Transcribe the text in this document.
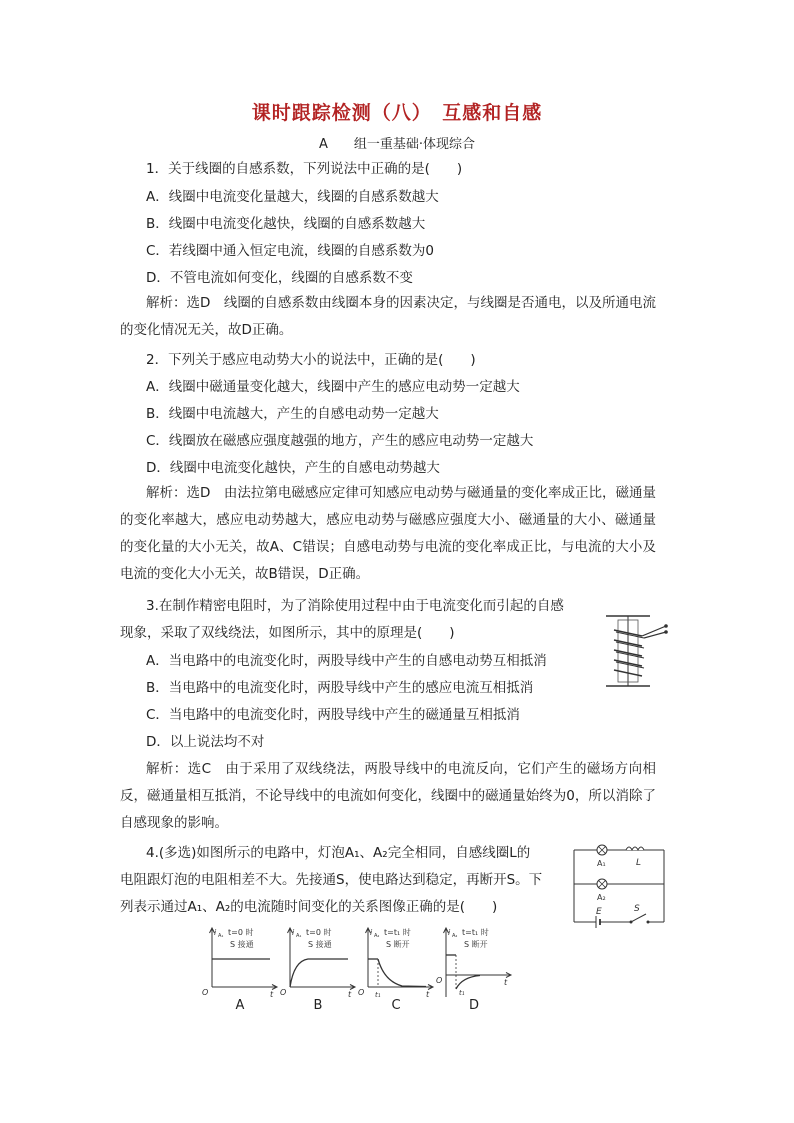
课时跟踪检测（八）　互感和自感
A　　组一重基础·体现综合
1．关于线圈的自感系数，下列说法中正确的是(　　)
A．线圈中电流变化量越大，线圈的自感系数越大
B．线圈中电流变化越快，线圈的自感系数越大
C．若线圈中通入恒定电流，线圈的自感系数为0
D．不管电流如何变化，线圈的自感系数不变
解析：选D　线圈的自感系数由线圈本身的因素决定，与线圈是否通电，以及所通电流的变化情况无关，故D正确。
2．下列关于感应电动势大小的说法中，正确的是(　　)
A．线圈中磁通量变化越大，线圈中产生的感应电动势一定越大
B．线圈中电流越大，产生的自感电动势一定越大
C．线圈放在磁感应强度越强的地方，产生的感应电动势一定越大
D．线圈中电流变化越快，产生的自感电动势越大
解析：选D　由法拉第电磁感应定律可知感应电动势与磁通量的变化率成正比，磁通量的变化率越大，感应电动势越大，感应电动势与磁感应强度大小、磁通量的大小、磁通量的变化量的大小无关，故A、C错误；自感电动势与电流的变化率成正比，与电流的大小及电流的变化大小无关，故B错误，D正确。
3.在制作精密电阻时，为了消除使用过程中由于电流变化而引起的自感
现象，采取了双线绕法，如图所示，其中的原理是(　　)
A．当电路中的电流变化时，两股导线中产生的自感电动势互相抵消
B．当电路中的电流变化时，两股导线中产生的感应电流互相抵消
C．当电路中的电流变化时，两股导线中产生的磁通量互相抵消
D．以上说法均不对
解析：选C　由于采用了双线绕法，两股导线中的电流反向，它们产生的磁场方向相反，磁通量相互抵消，不论导线中的电流如何变化，线圈中的磁通量始终为0，所以消除了自感现象的影响。
4.(多选)如图所示的电路中，灯泡A₁、A₂完全相同，自感线圈L的
电阻跟灯泡的电阻相差不大。先接通S，使电路达到稳定，再断开S。下
列表示通过A₁、A₂的电流随时间变化的关系图像正确的是(　　)
A₁	L
A₂
E	S
i A₁ t=0 时
S 接通
O	t
i A₁ t=0 时
S 接通
O	t
i A₂ t=t₁ 时
S 断开
O t₁	t
i A₂ t=t₁ 时
S 断开
O
t₁
t
A	B	C	D
